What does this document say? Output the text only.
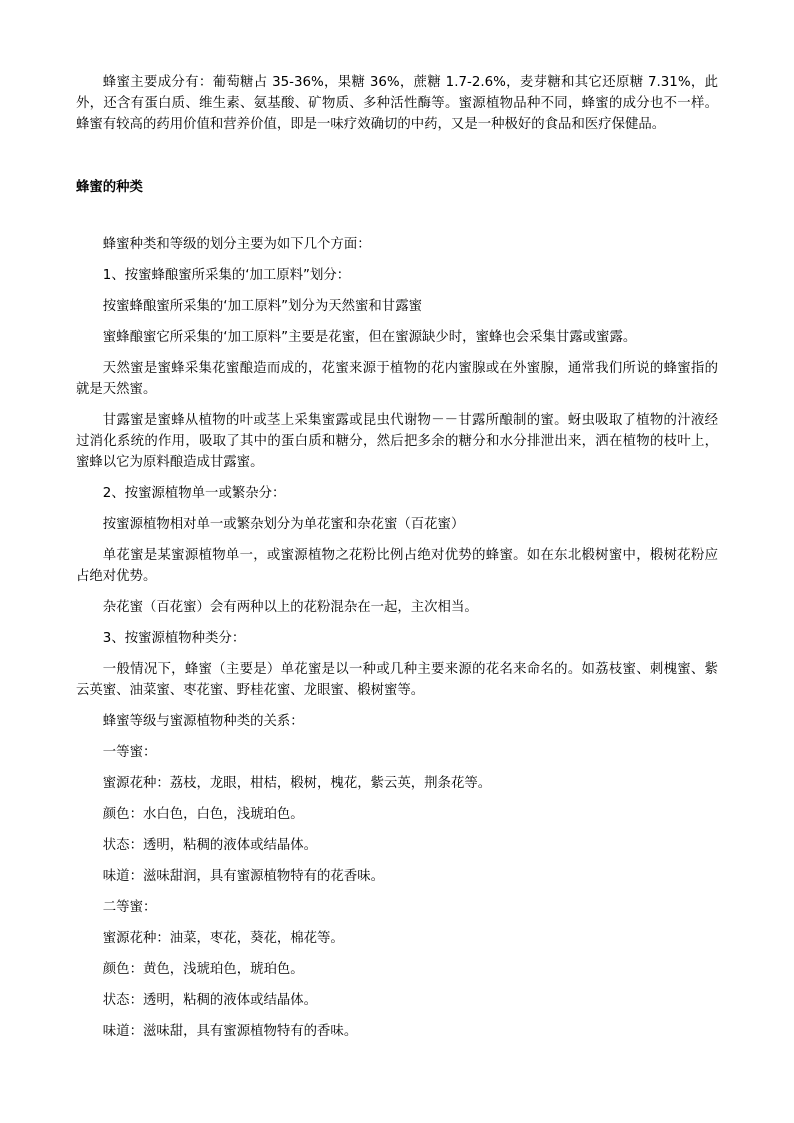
蜂蜜主要成分有：葡萄糖占 35-36%，果糖 36%，蔗糖 1.7-2.6%，麦芽糖和其它还原糖 7.31%，此外，还含有蛋白质、维生素、氨基酸、矿物质、多种活性酶等。蜜源植物品种不同，蜂蜜的成分也不一样。蜂蜜有较高的药用价值和营养价值，即是一味疗效确切的中药，又是一种极好的食品和医疗保健品。

蜂蜜的种类

蜂蜜种类和等级的划分主要为如下几个方面：

1、按蜜蜂酿蜜所采集的‘加工原料”划分：

按蜜蜂酿蜜所采集的‘加工原料”划分为天然蜜和甘露蜜

蜜蜂酿蜜它所采集的‘加工原料”主要是花蜜，但在蜜源缺少时，蜜蜂也会采集甘露或蜜露。

天然蜜是蜜蜂采集花蜜酿造而成的，花蜜来源于植物的花内蜜腺或在外蜜腺，通常我们所说的蜂蜜指的就是天然蜜。

甘露蜜是蜜蜂从植物的叶或茎上采集蜜露或昆虫代谢物－－甘露所酿制的蜜。蚜虫吸取了植物的汁液经过消化系统的作用，吸取了其中的蛋白质和糖分，然后把多余的糖分和水分排泄出来，洒在植物的枝叶上，蜜蜂以它为原料酿造成甘露蜜。

2、按蜜源植物单一或繁杂分：

按蜜源植物相对单一或繁杂划分为单花蜜和杂花蜜（百花蜜）

单花蜜是某蜜源植物单一，或蜜源植物之花粉比例占绝对优势的蜂蜜。如在东北椴树蜜中，椴树花粉应占绝对优势。

杂花蜜（百花蜜）会有两种以上的花粉混杂在一起，主次相当。

3、按蜜源植物种类分：

一般情况下，蜂蜜（主要是）单花蜜是以一种或几种主要来源的花名来命名的。如荔枝蜜、刺槐蜜、紫云英蜜、油菜蜜、枣花蜜、野桂花蜜、龙眼蜜、椴树蜜等。

蜂蜜等级与蜜源植物种类的关系：

一等蜜：

蜜源花种：荔枝，龙眼，柑桔，椴树，槐花，紫云英，荆条花等。

颜色：水白色，白色，浅琥珀色。

状态：透明，粘稠的液体或结晶体。

味道：滋味甜润，具有蜜源植物特有的花香味。

二等蜜：

蜜源花种：油菜，枣花，葵花，棉花等。

颜色：黄色，浅琥珀色，琥珀色。

状态：透明，粘稠的液体或结晶体。

味道：滋味甜，具有蜜源植物特有的香味。
